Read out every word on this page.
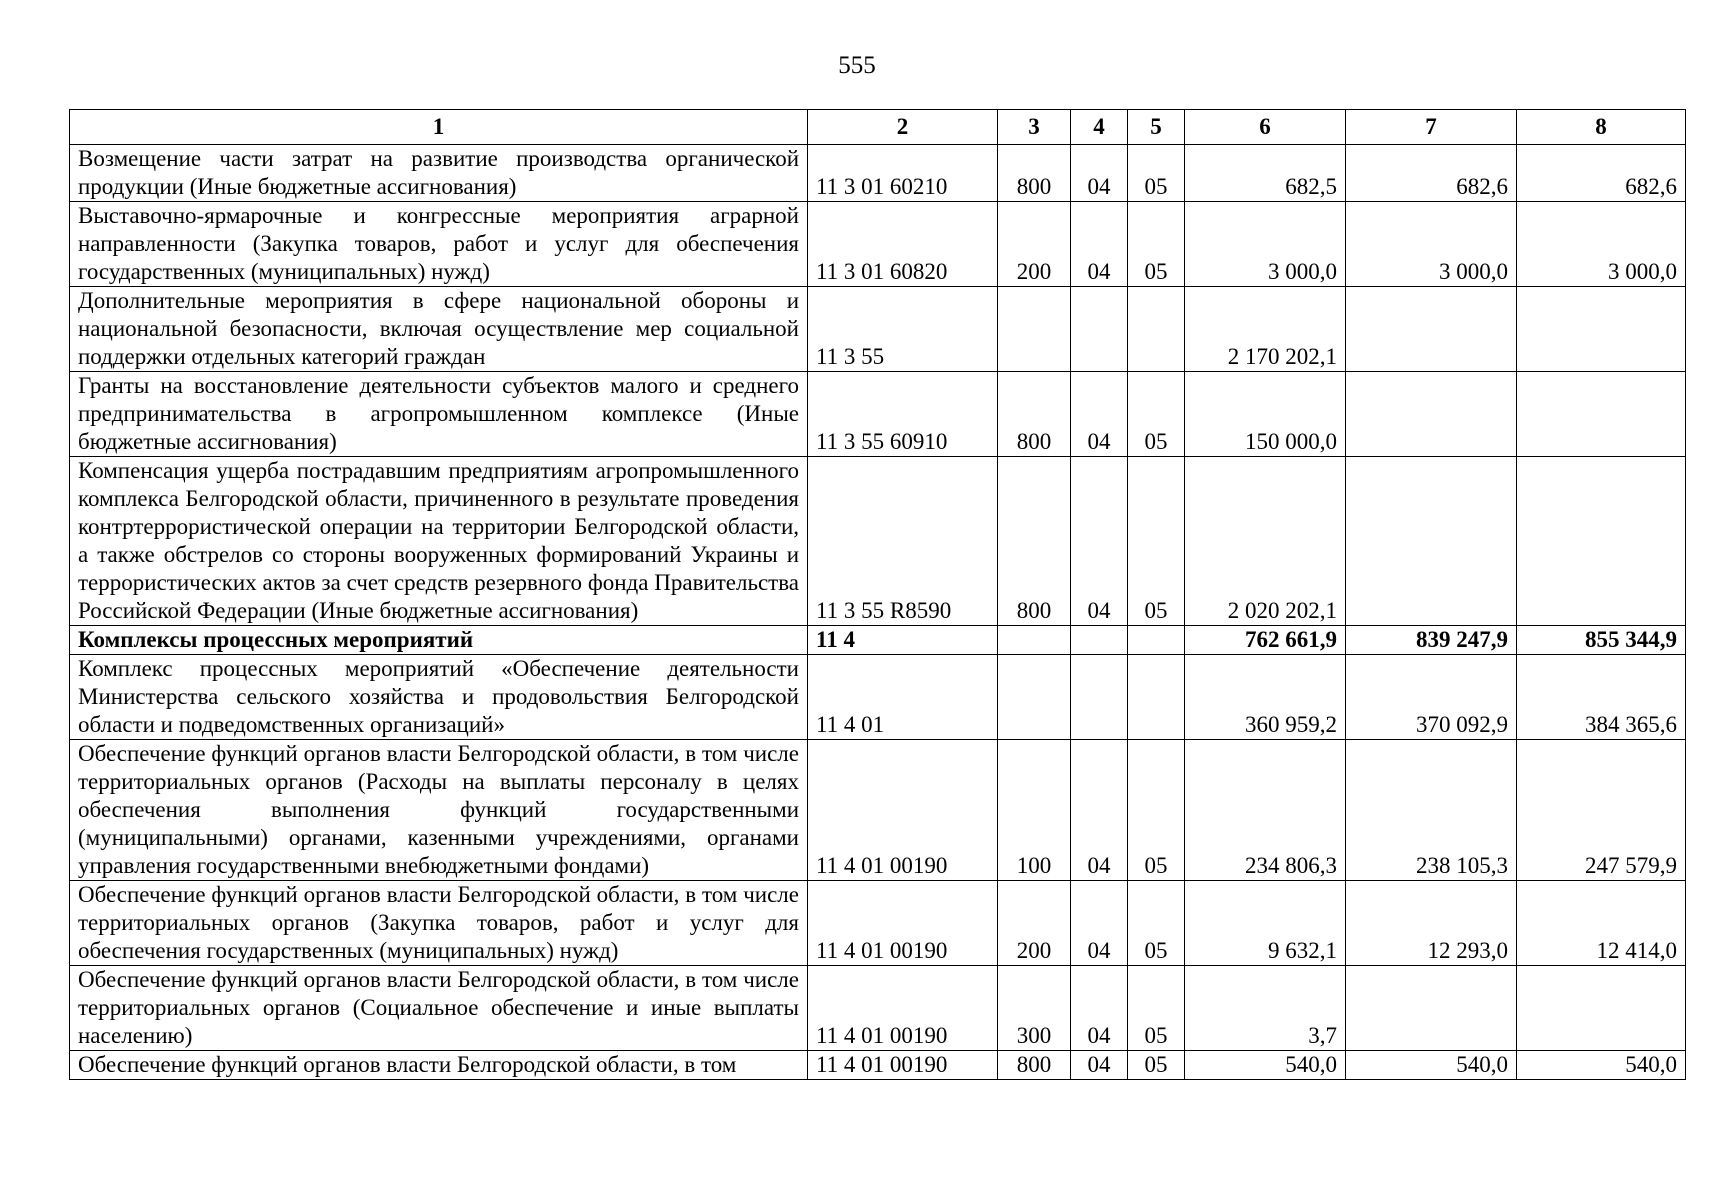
555
1	2	3	4	5	6	7	8
Возмещение части затрат на развитие производства органической продукции (Иные бюджетные ассигнования)	11 3 01 60210	800	04	05	682,5	682,6	682,6
Выставочно-ярмарочные и конгрессные мероприятия аграрной направленности (Закупка товаров, работ и услуг для обеспечения государственных (муниципальных) нужд)	11 3 01 60820	200	04	05	3 000,0	3 000,0	3 000,0
Дополнительные мероприятия в сфере национальной обороны и национальной безопасности, включая осуществление мер социальной поддержки отдельных категорий граждан	11 3 55				2 170 202,1		
Гранты на восстановление деятельности субъектов малого и среднего предпринимательства в агропромышленном комплексе (Иные бюджетные ассигнования)	11 3 55 60910	800	04	05	150 000,0		
Компенсация ущерба пострадавшим предприятиям агропромышленного комплекса Белгородской области, причиненного в результате проведения контртеррористической операции на территории Белгородской области, а также обстрелов со стороны вооруженных формирований Украины и террористических актов за счет средств резервного фонда Правительства Российской Федерации (Иные бюджетные ассигнования)	11 3 55 R8590	800	04	05	2 020 202,1		
Комплексы процессных мероприятий	11 4				762 661,9	839 247,9	855 344,9
Комплекс процессных мероприятий «Обеспечение деятельности Министерства сельского хозяйства и продовольствия Белгородской области и подведомственных организаций»	11 4 01				360 959,2	370 092,9	384 365,6
Обеспечение функций органов власти Белгородской области, в том числе территориальных органов (Расходы на выплаты персоналу в целях обеспечения выполнения функций государственными (муниципальными) органами, казенными учреждениями, органами управления государственными внебюджетными фондами)	11 4 01 00190	100	04	05	234 806,3	238 105,3	247 579,9
Обеспечение функций органов власти Белгородской области, в том числе территориальных органов (Закупка товаров, работ и услуг для обеспечения государственных (муниципальных) нужд)	11 4 01 00190	200	04	05	9 632,1	12 293,0	12 414,0
Обеспечение функций органов власти Белгородской области, в том числе территориальных органов (Социальное обеспечение и иные выплаты населению)	11 4 01 00190	300	04	05	3,7		
Обеспечение функций органов власти Белгородской области, в том	11 4 01 00190	800	04	05	540,0	540,0	540,0
